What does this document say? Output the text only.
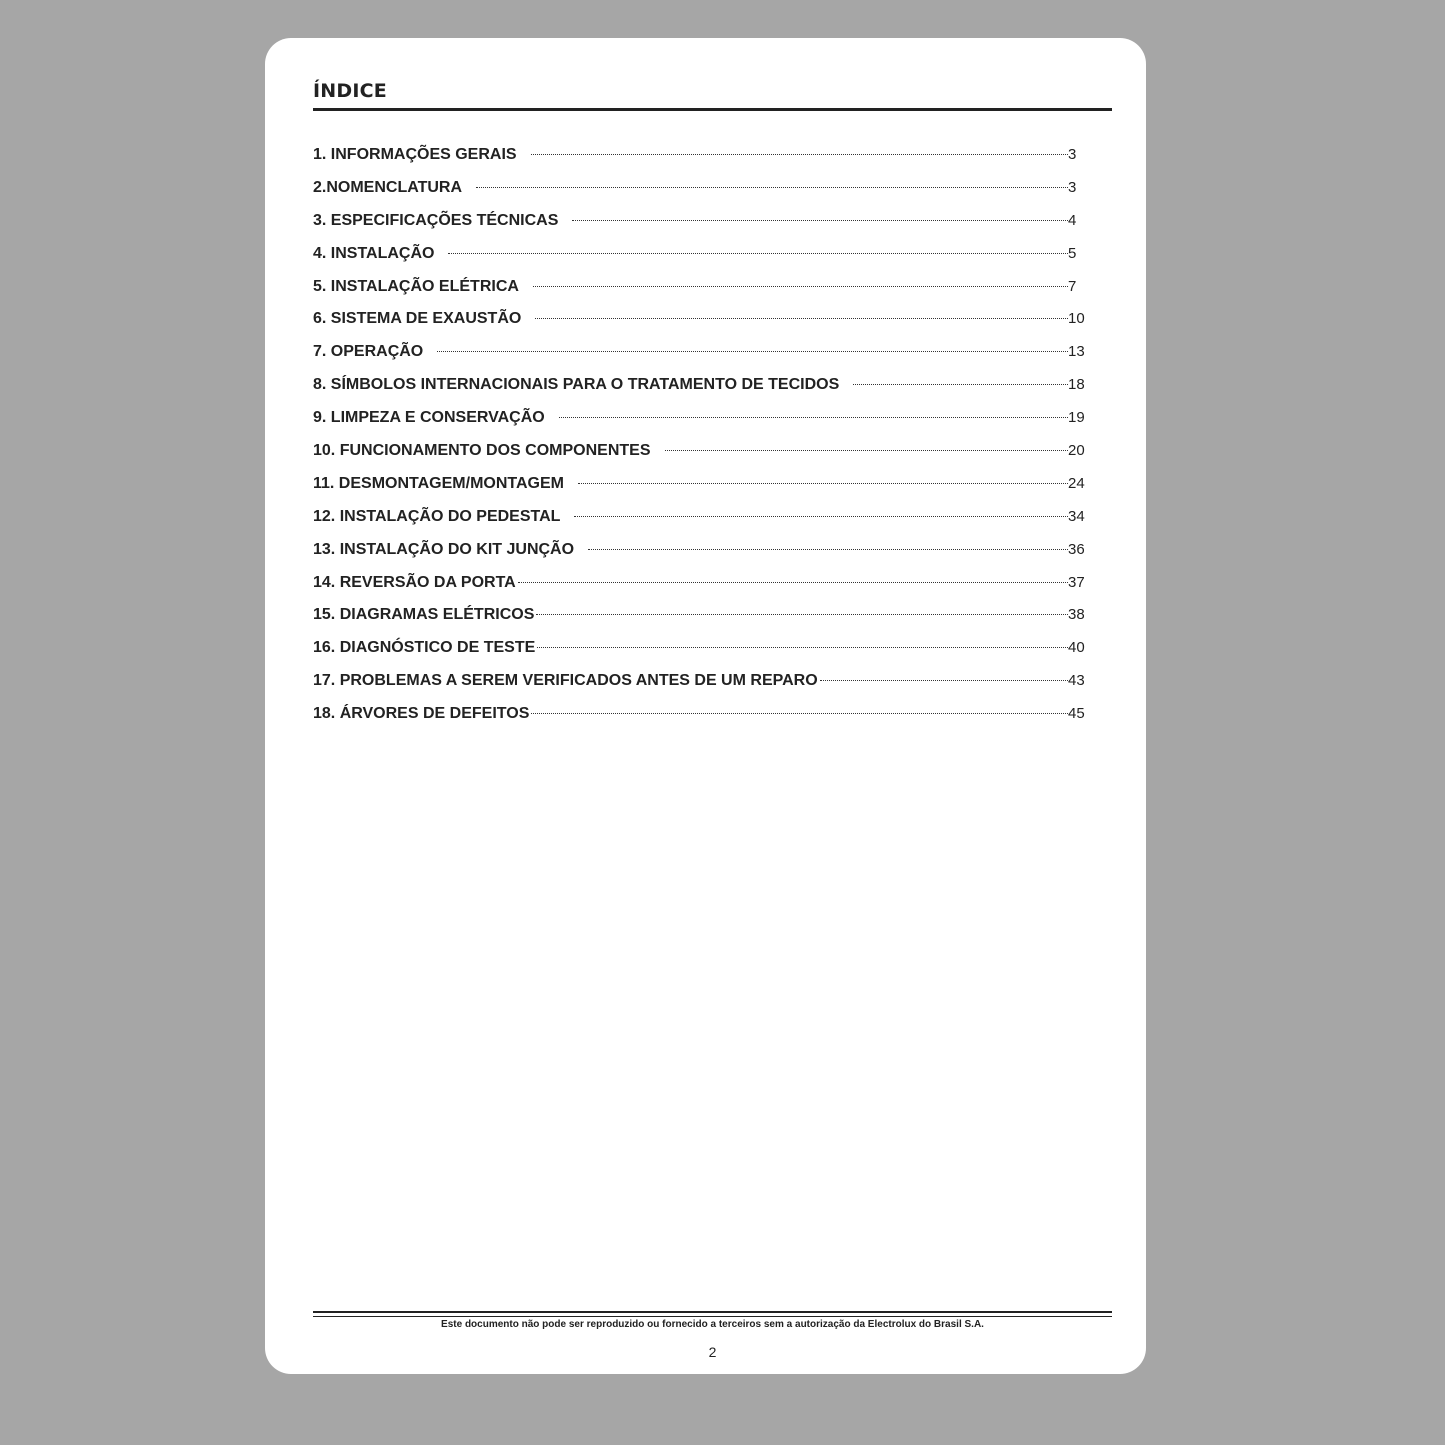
ÍNDICE
1. INFORMAÇÕES GERAIS	3
2.NOMENCLATURA	3
3. ESPECIFICAÇÕES TÉCNICAS	4
4. INSTALAÇÃO	5
5. INSTALAÇÃO ELÉTRICA	7
6. SISTEMA DE EXAUSTÃO	10
7. OPERAÇÃO	13
8. SÍMBOLOS INTERNACIONAIS PARA O TRATAMENTO DE TECIDOS	18
9. LIMPEZA E CONSERVAÇÃO	19
10. FUNCIONAMENTO DOS COMPONENTES	20
11. DESMONTAGEM/MONTAGEM	24
12. INSTALAÇÃO DO PEDESTAL	34
13. INSTALAÇÃO DO KIT JUNÇÃO	36
14. REVERSÃO DA PORTA	37
15. DIAGRAMAS ELÉTRICOS	38
16. DIAGNÓSTICO DE TESTE	40
17. PROBLEMAS A SEREM VERIFICADOS ANTES DE UM REPARO	43
18. ÁRVORES DE DEFEITOS	45
Este documento não pode ser reproduzido ou fornecido a terceiros sem a autorização da Electrolux do Brasil S.A.
2
